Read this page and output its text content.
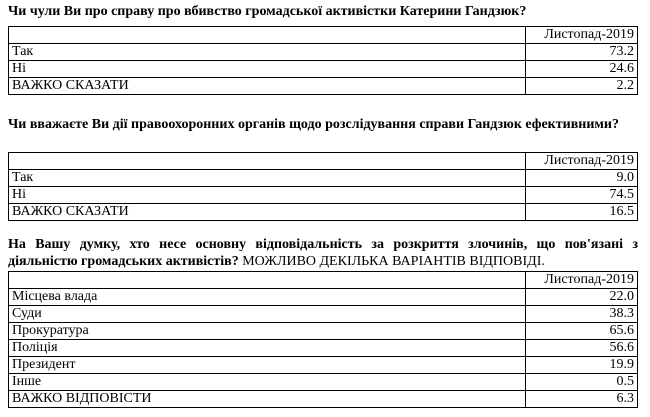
Чи чули Ви про справу про вбивство громадської активістки Катерини Гандзюк?

	Листопад-2019
Так	73.2
Ні	24.6
ВАЖКО СКАЗАТИ	2.2

Чи вважаєте Ви дії правоохоронних органів щодо розслідування справи Гандзюк ефективними?

	Листопад-2019
Так	9.0
Ні	74.5
ВАЖКО СКАЗАТИ	16.5

На Вашу думку, хто несе основну відповідальність за розкриття злочинів, що пов'язані з діяльністю громадських активістів? МОЖЛИВО ДЕКІЛЬКА ВАРІАНТІВ ВІДПОВІДІ.

	Листопад-2019
Місцева влада	22.0
Суди	38.3
Прокуратура	65.6
Поліція	56.6
Президент	19.9
Інше	0.5
ВАЖКО ВІДПОВІСТИ	6.3
